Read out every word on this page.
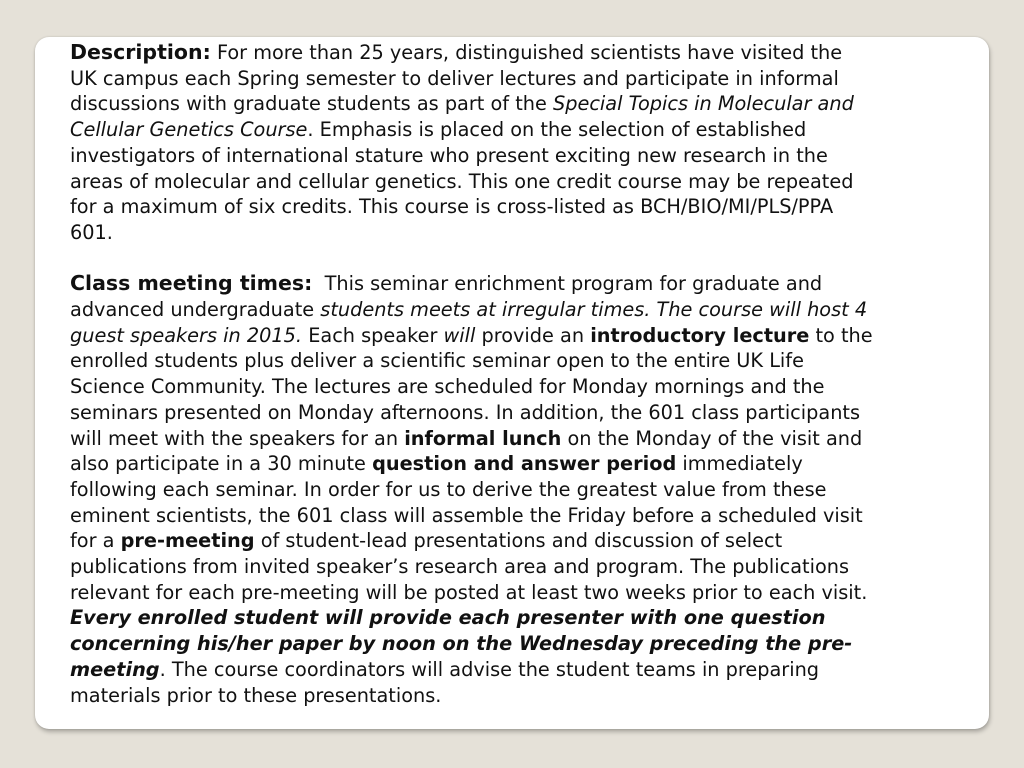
Description: For more than 25 years, distinguished scientists have visited the
UK campus each Spring semester to deliver lectures and participate in informal
discussions with graduate students as part of the Special Topics in Molecular and
Cellular Genetics Course. Emphasis is placed on the selection of established
investigators of international stature who present exciting new research in the
areas of molecular and cellular genetics. This one credit course may be repeated
for a maximum of six credits. This course is cross-listed as BCH/BIO/MI/PLS/PPA
601.
Class meeting times: This seminar enrichment program for graduate and
advanced undergraduate students meets at irregular times. The course will host 4
guest speakers in 2015. Each speaker will provide an introductory lecture to the
enrolled students plus deliver a scientific seminar open to the entire UK Life
Science Community. The lectures are scheduled for Monday mornings and the
seminars presented on Monday afternoons. In addition, the 601 class participants
will meet with the speakers for an informal lunch on the Monday of the visit and
also participate in a 30 minute question and answer period immediately
following each seminar. In order for us to derive the greatest value from these
eminent scientists, the 601 class will assemble the Friday before a scheduled visit
for a pre-meeting of student-lead presentations and discussion of select
publications from invited speaker’s research area and program. The publications
relevant for each pre-meeting will be posted at least two weeks prior to each visit.
Every enrolled student will provide each presenter with one question
concerning his/her paper by noon on the Wednesday preceding the pre-
meeting. The course coordinators will advise the student teams in preparing
materials prior to these presentations.
